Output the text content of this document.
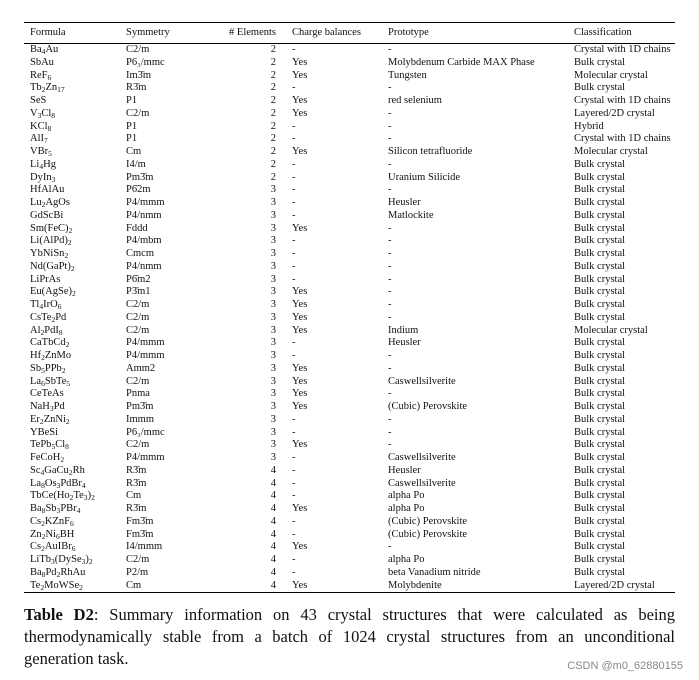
Formula	Symmetry	# Elements	Charge balances	Prototype	Classification
$Ba_4Au$	C2/m	2	-	-	Crystal with 1D chains
SbAu	P6₃/mmc	2	Yes	Molybdenum Carbide MAX Phase	Bulk crystal
ReF$_6$	Im3̄m	2	Yes	Tungsten	Molecular crystal
$Tb_2Zn_{17}$	R3̄m	2	-	-	Bulk crystal
SeS	P1	2	Yes	red selenium	Crystal with 1D chains
$V_3Cl_8$	C2/m	2	Yes	-	Layered/2D crystal
KCl$_8$	P1	2	-	-	Hybrid
AlI$_7$	P1	2	-	-	Crystal with 1D chains
VBr$_5$	Cm	2	Yes	Silicon tetrafluoride	Molecular crystal
$Li_4Hg$	I4/m	2	-	-	Bulk crystal
DyIn$_3$	Pm3̄m	2	-	Uranium Silicide	Bulk crystal
HfAlAu	P6̄2m	3	-	-	Bulk crystal
$Lu_2AgOs$	P4/mmm	3	-	Heusler	Bulk crystal
GdScBi	P4/nmm	3	-	Matlockite	Bulk crystal
$Sm(FeC)_2$	Fddd	3	Yes	-	Bulk crystal
$Li(AlPd)_2$	P4/mbm	3	-	-	Bulk crystal
YbNiSn$_2$	Cmcm	3	-	-	Bulk crystal
$Nd(GaPt)_2$	P4/nmm	3	-	-	Bulk crystal
LiPrAs	P6̄m2	3	-	-	Bulk crystal
$Eu(AgSe)_2$	P3̄m1	3	Yes	-	Bulk crystal
$Tl_4IrO_6$	C2/m	3	Yes	-	Bulk crystal
CsTe$_2$Pd	C2/m	3	Yes	-	Bulk crystal
$Al_2PdI_8$	C2/m	3	Yes	Indium	Molecular crystal
CaTbCd$_2$	P4/mmm	3	-	Heusler	Bulk crystal
$Hf_2ZnMo$	P4/mmm	3	-	-	Bulk crystal
$Sb_5PPb_2$	Amm2	3	Yes	-	Bulk crystal
$La_6SbTe_5$	C2/m	3	Yes	Caswellsilverite	Bulk crystal
CeTeAs	Pnma	3	Yes	-	Bulk crystal
NaH$_3$Pd	Pm3̄m	3	Yes	(Cubic) Perovskite	Bulk crystal
$Er_2ZnNi_2$	Immm	3	-	-	Bulk crystal
YBeSi	P6₃/mmc	3	-	-	Bulk crystal
$TePb_5Cl_8$	C2/m	3	Yes	-	Bulk crystal
FeCoH$_2$	P4/mmm	3	-	Caswellsilverite	Bulk crystal
$Sc_4GaCu_2Rh$	R3̄m	4	-	Heusler	Bulk crystal
$La_8Os_3PdBr_4$	R3̄m	4	-	Caswellsilverite	Bulk crystal
$TbCe(Ho_2Te_3)_2$	Cm	4	-	alpha Po	Bulk crystal
$Ba_8Sb_3PBr_4$	R3̄m	4	Yes	alpha Po	Bulk crystal
$Cs_2KZnF_6$	Fm3̄m	4	-	(Cubic) Perovskite	Bulk crystal
$Zn_2Ni_6BH$	Fm3̄m	4	-	(Cubic) Perovskite	Bulk crystal
$Cs_2AuIBr_6$	I4/mmm	4	Yes	-	Bulk crystal
$LiTb_3(DySe_3)_2$	C2/m	4	-	alpha Po	Bulk crystal
$Ba_8Pd_2RhAu$	P2/m	4	-	beta Vanadium nitride	Bulk crystal
$Te_2MoWSe_2$	Cm	4	Yes	Molybdenite	Layered/2D crystal
Table D2: Summary information on 43 crystal structures that were calculated as being thermodynamically stable from a batch of 1024 crystal structures from an unconditional generation task.	CSDN @m0_62880155
